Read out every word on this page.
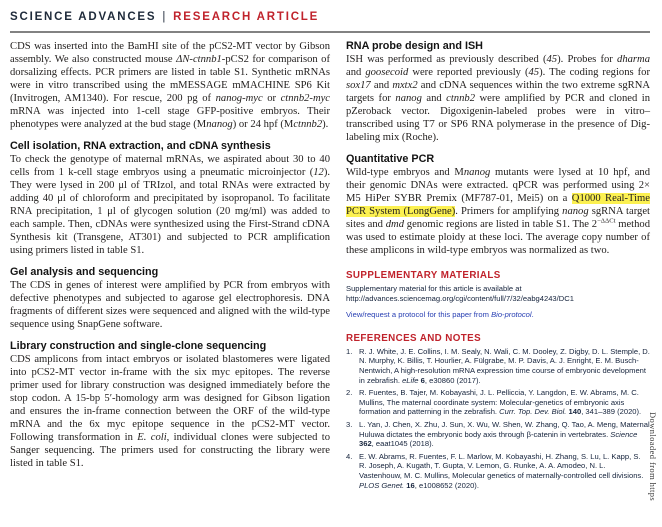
SCIENCE ADVANCES | RESEARCH ARTICLE

CDS was inserted into the BamHI site of the pCS2-MT vector by Gibson assembly. We also constructed mouse ΔN-ctnnb1-pCS2 for comparison of dorsalizing effects. PCR primers are listed in table S1. Synthetic mRNAs were in vitro transcribed using the mMESSAGE mMACHINE SP6 Kit (Invitrogen, AM1340). For rescue, 200 pg of nanog-myc or ctnnb2-myc mRNA was injected into 1-cell stage GFP-positive embryos. Their phenotypes were analyzed at the bud stage (Mnanog) or 24 hpf (Mctnnb2).

Cell isolation, RNA extraction, and cDNA synthesis

To check the genotype of maternal mRNAs, we aspirated about 30 to 40 cells from 1 k-cell stage embryos using a pneumatic microinjector (12). They were lysed in 200 μl of TRIzol, and total RNAs were extracted by adding 40 μl of chloroform and precipitated by isopropanol. To facilitate RNA precipitation, 1 μl of glycogen solution (20 mg/ml) was added to each sample. Then, cDNAs were synthesized using the First-Strand cDNA Synthesis kit (Transgene, AT301) and subjected to PCR amplification using primers listed in table S1.

Gel analysis and sequencing

The CDS in genes of interest were amplified by PCR from embryos with defective phenotypes and subjected to agarose gel electrophoresis. DNA fragments of different sizes were sequenced and aligned with the wild-type sequence using SnapGene software.

Library construction and single-clone sequencing

CDS amplicons from intact embryos or isolated blastomeres were ligated into pCS2-MT vector in-frame with the six myc epitopes. The reverse primer used for library construction was designed immediately before the stop codon. A 15-bp 5′-homology arm was designed for Gibson ligation and ensures the in-frame connection between the ORF of the wild-type mRNA and the 6x myc epitope sequence in the pCS2-MT vector. Following transformation in E. coli, individual clones were subjected to Sanger sequencing. The primers used for constructing the library were listed in table S1.

RNA probe design and ISH

ISH was performed as previously described (45). Probes for dharma and goosecoid were reported previously (45). The coding regions for sox17 and mxtx2 and cDNA sequences within the two extreme sgRNA targets for nanog and ctnnb2 were amplified by PCR and cloned in pZeroback vector. Digoxigenin-labeled probes were in vitro–transcribed using T7 or SP6 RNA polymerase in the presence of Dig-labeling mix (Roche).

Quantitative PCR

Wild-type embryos and Mnanog mutants were lysed at 10 hpf, and their genomic DNAs were extracted. qPCR was performed using 2× M5 HiPer SYBR Premix (MF787-01, Mei5) on a Q1000 Real-Time PCR System (LongGene). Primers for amplifying nanog sgRNA target sites and dmd genomic regions are listed in table S1. The $2^{-\Delta\Delta Ct}$ method was used to estimate ploidy at these loci. The average copy number of these amplicons in wild-type embryos was normalized as two.

SUPPLEMENTARY MATERIALS

Supplementary material for this article is available at http://advances.sciencemag.org/cgi/content/full/7/32/eabg4243/DC1

View/request a protocol for this paper from Bio-protocol.

REFERENCES AND NOTES
1. R. J. White, J. E. Collins, I. M. Sealy, N. Wali, C. M. Dooley, Z. Digby, D. L. Stemple, D. N. Murphy, K. Billis, T. Hourlier, A. Fülgrabe, M. P. Davis, A. J. Enright, E. M. Busch-Nentwich, A high-resolution mRNA expression time course of embryonic development in zebrafish. eLife 6, e30860 (2017).
2. R. Fuentes, B. Tajer, M. Kobayashi, J. L. Pelliccia, Y. Langdon, E. W. Abrams, M. C. Mullins, The maternal coordinate system: Molecular-genetics of embryonic axis formation and patterning in the zebrafish. Curr. Top. Dev. Biol. 140, 341–389 (2020).
3. L. Yan, J. Chen, X. Zhu, J. Sun, X. Wu, W. Shen, W. Zhang, Q. Tao, A. Meng, Maternal Huluwa dictates the embryonic body axis through β-catenin in vertebrates. Science 362, eaat1045 (2018).
4. E. W. Abrams, R. Fuentes, F. L. Marlow, M. Kobayashi, H. Zhang, S. Lu, L. Kapp, S. R. Joseph, A. Kugath, T. Gupta, V. Lemon, G. Runke, A. A. Amodeo, N. L. Vastenhouw, M. C. Mullins, Molecular genetics of maternally-controlled cell divisions. PLOS Genet. 16, e1008652 (2020).	Downloaded from https
